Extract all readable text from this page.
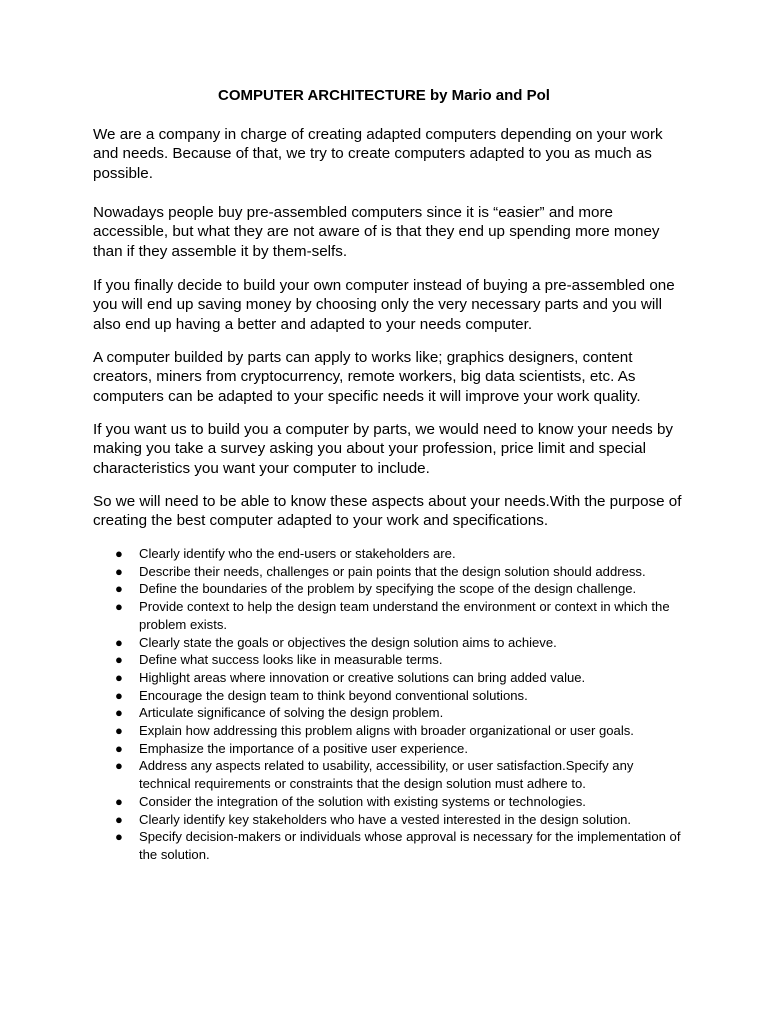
COMPUTER ARCHITECTURE by Mario and Pol

We are a company in charge of creating adapted computers depending on your work and needs. Because of that, we try to create computers adapted to you as much as possible.

Nowadays people buy pre-assembled computers since it is “easier” and more accessible, but what they are not aware of is that they end up spending more money than if they assemble it by them-selfs.

If you finally decide to build your own computer instead of buying a pre-assembled one you will end up saving money by choosing only the very necessary parts and you will also end up having a better and adapted to your needs computer.

A computer builded by parts can apply to works like; graphics designers, content creators, miners from cryptocurrency, remote workers, big data scientists, etc. As computers can be adapted to your specific needs it will improve your work quality.

If you want us to build you a computer by parts, we would need to know your needs by making you take a survey asking you about your profession, price limit and special characteristics you want your computer to include.

So we will need to be able to know these aspects about your needs.With the purpose of creating the best computer adapted to your work and specifications.

● Clearly identify who the end-users or stakeholders are.
● Describe their needs, challenges or pain points that the design solution should address.
● Define the boundaries of the problem by specifying the scope of the design challenge.
● Provide context to help the design team understand the environment or context in which the problem exists.
● Clearly state the goals or objectives the design solution aims to achieve.
● Define what success looks like in measurable terms.
● Highlight areas where innovation or creative solutions can bring added value.
● Encourage the design team to think beyond conventional solutions.
● Articulate significance of solving the design problem.
● Explain how addressing this problem aligns with broader organizational or user goals.
● Emphasize the importance of a positive user experience.
● Address any aspects related to usability, accessibility, or user satisfaction.Specify any technical requirements or constraints that the design solution must adhere to.
● Consider the integration of the solution with existing systems or technologies.
● Clearly identify key stakeholders who have a vested interested in the design solution.
● Specify decision-makers or individuals whose approval is necessary for the implementation of the solution.
